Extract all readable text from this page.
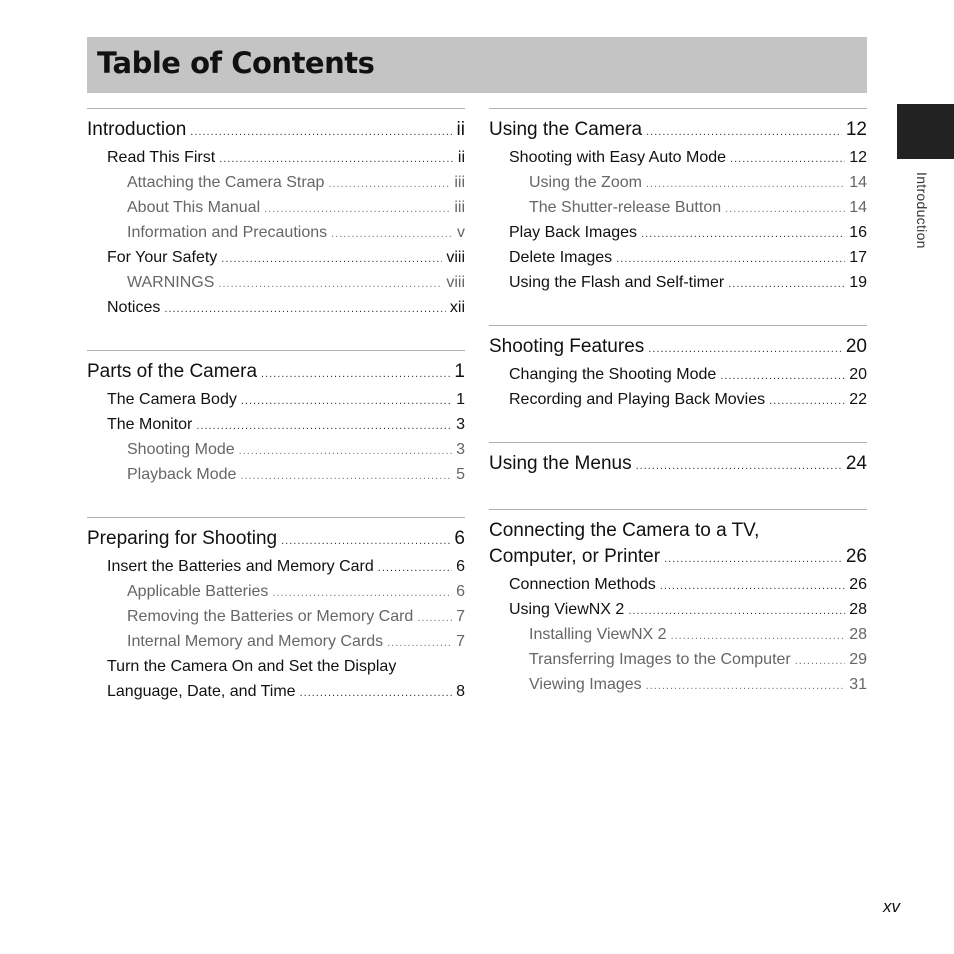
Table of Contents
Introduction
xv
Introduction .....	ii
Read This First .....	ii
Attaching the Camera Strap .....	iii
About This Manual .....	iii
Information and Precautions .....	v
For Your Safety .....	viii
WARNINGS .....	viii
Notices .....	xii
Parts of the Camera .....	1
The Camera Body .....	1
The Monitor .....	3
Shooting Mode .....	3
Playback Mode .....	5
Preparing for Shooting .....	6
Insert the Batteries and Memory Card .....	6
Applicable Batteries .....	6
Removing the Batteries or Memory Card .....	7
Internal Memory and Memory Cards .....	7
Turn the Camera On and Set the Display
Language, Date, and Time .....	8
Using the Camera .....	12
Shooting with Easy Auto Mode .....	12
Using the Zoom .....	14
The Shutter-release Button .....	14
Play Back Images .....	16
Delete Images .....	17
Using the Flash and Self-timer .....	19
Shooting Features .....	20
Changing the Shooting Mode .....	20
Recording and Playing Back Movies .....	22
Using the Menus .....	24
Connecting the Camera to a TV,
Computer, or Printer .....	26
Connection Methods .....	26
Using ViewNX 2 .....	28
Installing ViewNX 2 .....	28
Transferring Images to the Computer .....	29
Viewing Images .....	31
